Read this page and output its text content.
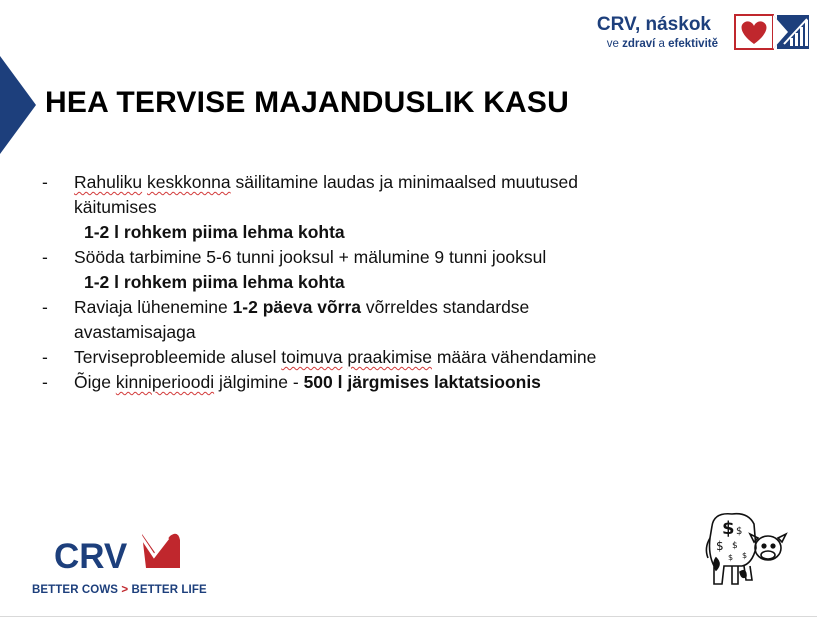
CRV, náskok
ve zdraví a efektivitě
HEA TERVISE MAJANDUSLIK KASU
- Rahuliku keskkonna säilitamine laudas ja minimaalsed muutused
käitumises
1-2 l rohkem piima lehma kohta
- Sööda tarbimine 5-6 tunni jooksul + mälumine 9 tunni jooksul
1-2 l rohkem piima lehma kohta
- Raviaja lühenemine 1-2 päeva võrra võrreldes standardse
avastamisajaga
- Terviseprobleemide alusel toimuva praakimise määra vähendamine
- Õige kinniperioodi jälgimine - 500 l järgmises laktatsioonis
CRV
BETTER COWS > BETTER LIFE
$ $
$ $
$
$
